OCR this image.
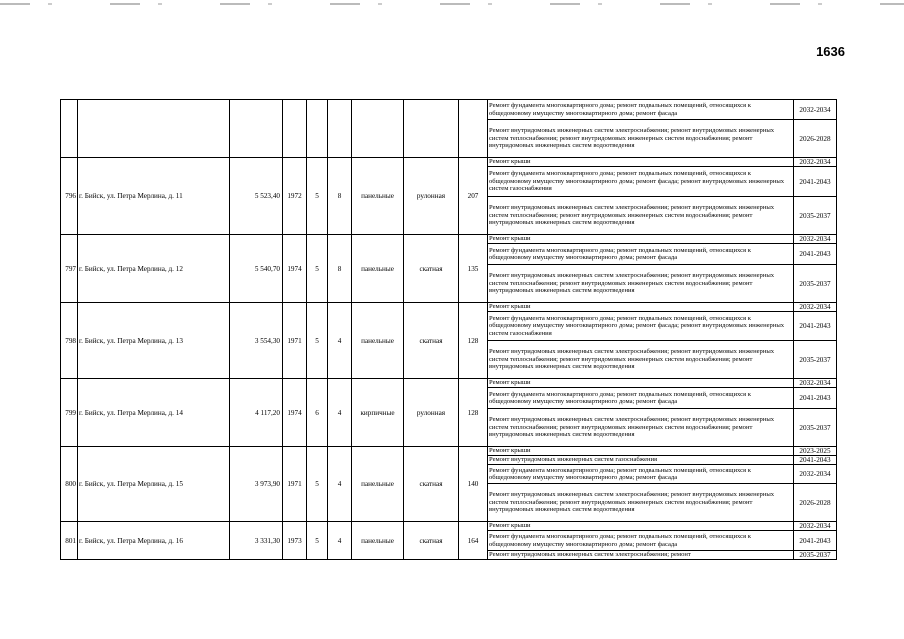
1636
									Ремонт фундамента многоквартирного дома; ремонт подвальных помещений, относящихся к общедомовому имуществу многоквартирного дома; ремонт фасада	2032-2034
									Ремонт внутридомовых инженерных систем электроснабжения; ремонт внутридомовых инженерных систем теплоснабжения; ремонт внутридомовых инженерных систем водоснабжения; ремонт внутридомовых инженерных систем водоотведения	2026-2028
796	г. Бийск, ул. Петра Мерлина, д. 11	5 523,40	1972	5	8	панельные	рулонная	207	Ремонт крыши	2032-2034
									Ремонт фундамента многоквартирного дома; ремонт подвальных помещений, относящихся к общедомовому имуществу многоквартирного дома; ремонт фасада; ремонт внутридомовых инженерных систем газоснабжения	2041-2043
									Ремонт внутридомовых инженерных систем электроснабжения; ремонт внутридомовых инженерных систем теплоснабжения; ремонт внутридомовых инженерных систем водоснабжения; ремонт внутридомовых инженерных систем водоотведения	2035-2037
797	г. Бийск, ул. Петра Мерлина, д. 12	5 540,70	1974	5	8	панельные	скатная	135	Ремонт крыши	2032-2034
									Ремонт фундамента многоквартирного дома; ремонт подвальных помещений, относящихся к общедомовому имуществу многоквартирного дома; ремонт фасада	2041-2043
									Ремонт внутридомовых инженерных систем электроснабжения; ремонт внутридомовых инженерных систем теплоснабжения; ремонт внутридомовых инженерных систем водоснабжения; ремонт внутридомовых инженерных систем водоотведения	2035-2037
798	г. Бийск, ул. Петра Мерлина, д. 13	3 554,30	1971	5	4	панельные	скатная	128	Ремонт крыши	2032-2034
									Ремонт фундамента многоквартирного дома; ремонт подвальных помещений, относящихся к общедомовому имуществу многоквартирного дома; ремонт фасада; ремонт внутридомовых инженерных систем газоснабжения	2041-2043
									Ремонт внутридомовых инженерных систем электроснабжения; ремонт внутридомовых инженерных систем теплоснабжения; ремонт внутридомовых инженерных систем водоснабжения; ремонт внутридомовых инженерных систем водоотведения	2035-2037
799	г. Бийск, ул. Петра Мерлина, д. 14	4 117,20	1974	6	4	кирпичные	рулонная	128	Ремонт крыши	2032-2034
									Ремонт фундамента многоквартирного дома; ремонт подвальных помещений, относящихся к общедомовому имуществу многоквартирного дома; ремонт фасада	2041-2043
									Ремонт внутридомовых инженерных систем электроснабжения; ремонт внутридомовых инженерных систем теплоснабжения; ремонт внутридомовых инженерных систем водоснабжения; ремонт внутридомовых инженерных систем водоотведения	2035-2037
800	г. Бийск, ул. Петра Мерлина, д. 15	3 973,90	1971	5	4	панельные	скатная	140	Ремонт крыши	2023-2025
									Ремонт внутридомовых инженерных систем газоснабжения	2041-2043
									Ремонт фундамента многоквартирного дома; ремонт подвальных помещений, относящихся к общедомовому имуществу многоквартирного дома; ремонт фасада	2032-2034
									Ремонт внутридомовых инженерных систем электроснабжения; ремонт внутридомовых инженерных систем теплоснабжения; ремонт внутридомовых инженерных систем водоснабжения; ремонт внутридомовых инженерных систем водоотведения	2026-2028
801	г. Бийск, ул. Петра Мерлина, д. 16	3 331,30	1973	5	4	панельные	скатная	164	Ремонт крыши	2032-2034
									Ремонт фундамента многоквартирного дома; ремонт подвальных помещений, относящихся к общедомовому имуществу многоквартирного дома; ремонт фасада	2041-2043
									Ремонт внутридомовых инженерных систем электроснабжения; ремонт	2035-2037
